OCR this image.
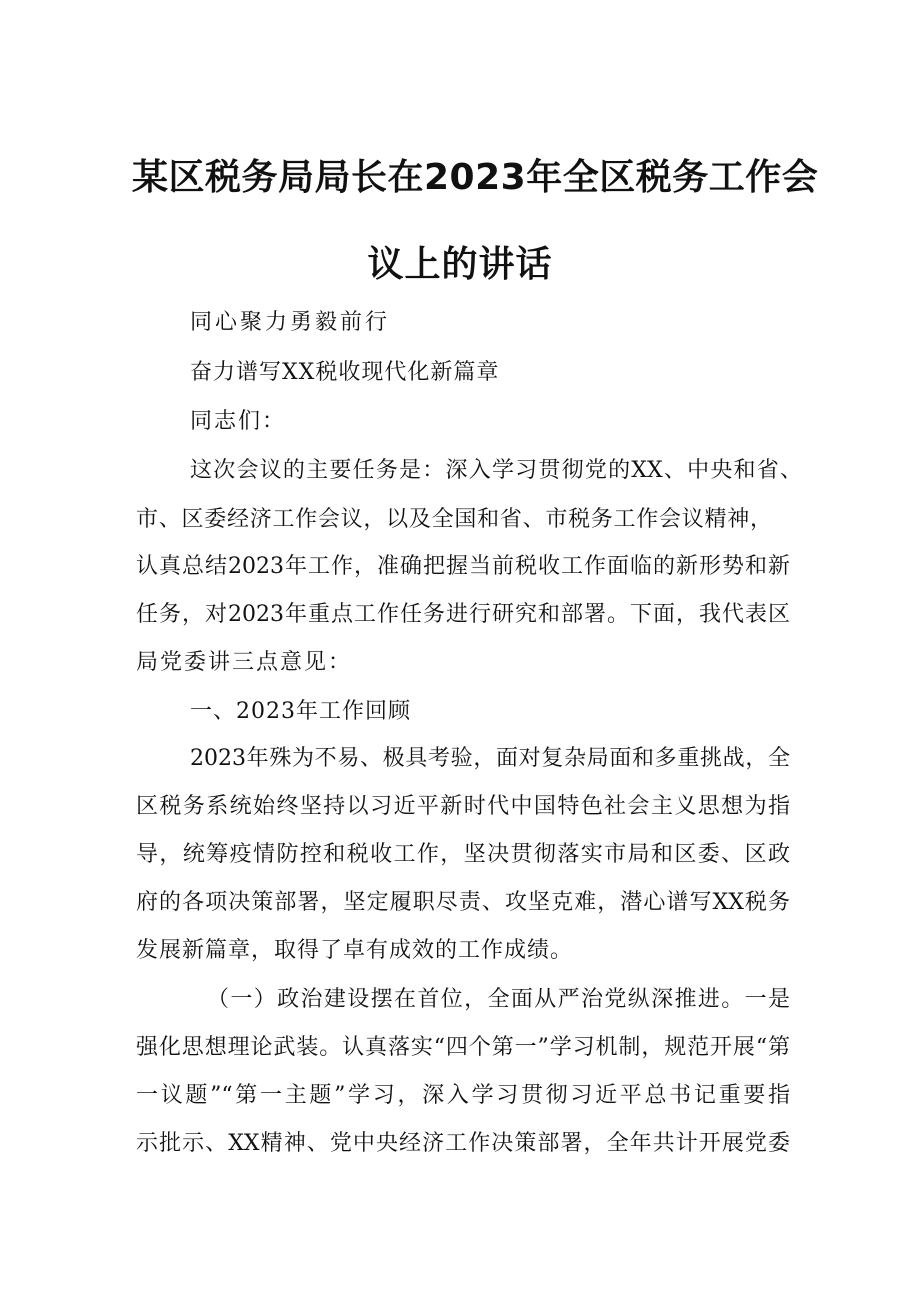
某区税务局局长在2023年全区税务工作会
议上的讲话
同心聚力勇毅前行
奋力谱写XX税收现代化新篇章
同志们：
这次会议的主要任务是：深入学习贯彻党的XX、中央和省、
市、区委经济工作会议，以及全国和省、市税务工作会议精神，
认真总结2023年工作，准确把握当前税收工作面临的新形势和新
任务，对2023年重点工作任务进行研究和部署。下面，我代表区
局党委讲三点意见：
一、2023年工作回顾
2023年殊为不易、极具考验，面对复杂局面和多重挑战，全
区税务系统始终坚持以习近平新时代中国特色社会主义思想为指
导，统筹疫情防控和税收工作，坚决贯彻落实市局和区委、区政
府的各项决策部署，坚定履职尽责、攻坚克难，潜心谱写XX税务
发展新篇章，取得了卓有成效的工作成绩。
（一）政治建设摆在首位，全面从严治党纵深推进。一是
强化思想理论武装。认真落实“四个第一”学习机制，规范开展“第
一议题”“第一主题”学习，深入学习贯彻习近平总书记重要指
示批示、XX精神、党中央经济工作决策部署，全年共计开展党委
